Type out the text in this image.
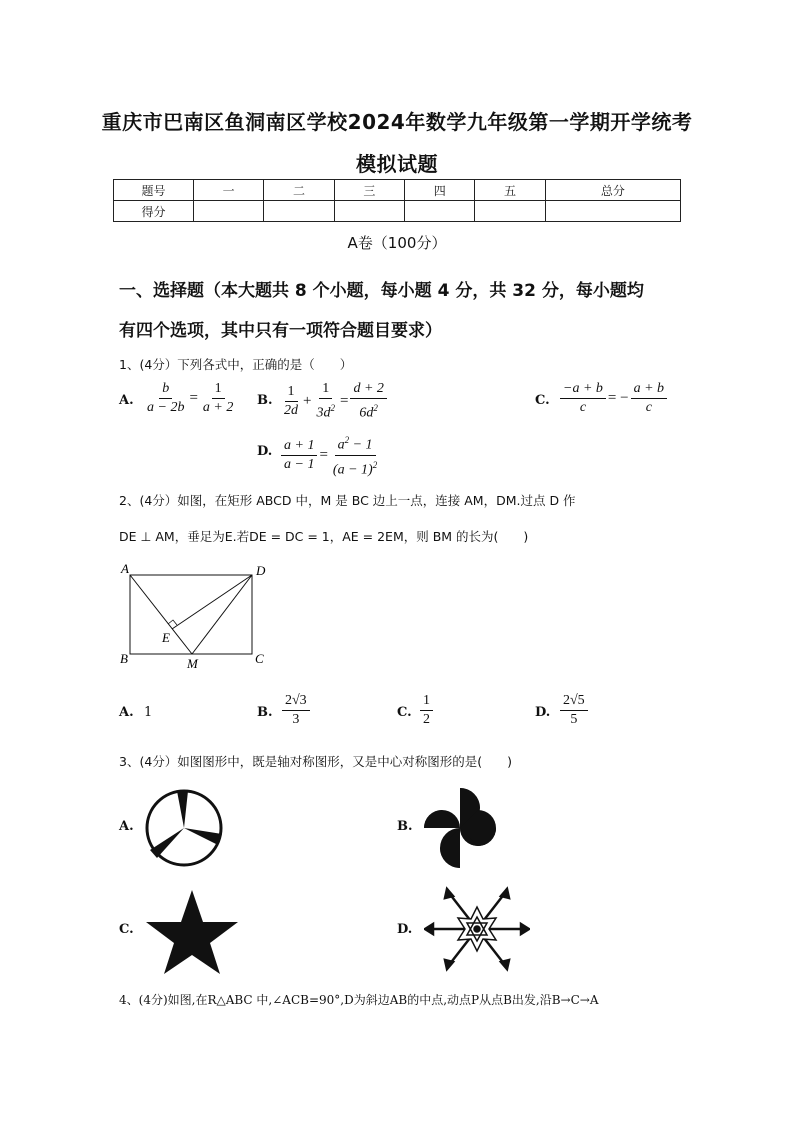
重庆市巴南区鱼洞南区学校2024年数学九年级第一学期开学统考
模拟试题
题号	一	二	三	四	五	总分
得分						
A卷（100分）
一、选择题（本大题共 8 个小题，每小题 4 分，共 32 分，每小题均
有四个选项，其中只有一项符合题目要求）
1、(4分）下列各式中，正确的是（　　）
A. $\frac{b}{a - 2b} = \frac{1}{a + 2} B$. $\frac{1}{2d} + \frac{1}{3d^2} = \frac{d + 2}{6d^2}$	C. $\frac{-a + b}{c}$ = − $\frac{a + b}{c}$
D. $\frac{a + 1}{a - 1} = \frac{a^2 - 1}{(a - 1)^2}$
2、(4分）如图，在矩形 ABCD 中，M 是 BC 边上一点，连接 AM，DM.过点 D 作
DE ⊥ AM，垂足为E.若DE = DC = 1，AE = 2EM，则 BM 的长为(　　)
A	D
E
B	M	C
A. 1	B. $\frac{2√3}{3}$	C. $\frac{1}{2}$	D. $\frac{2√5}{5}$
3、(4分）如图图形中，既是轴对称图形，又是中心对称图形的是(　　)
A.	B.
C.	D.
4、(4分)如图,在R△ABC 中,∠ACB=90°,D为斜边AB的中点,动点P从点B出发,沿B→C→A
